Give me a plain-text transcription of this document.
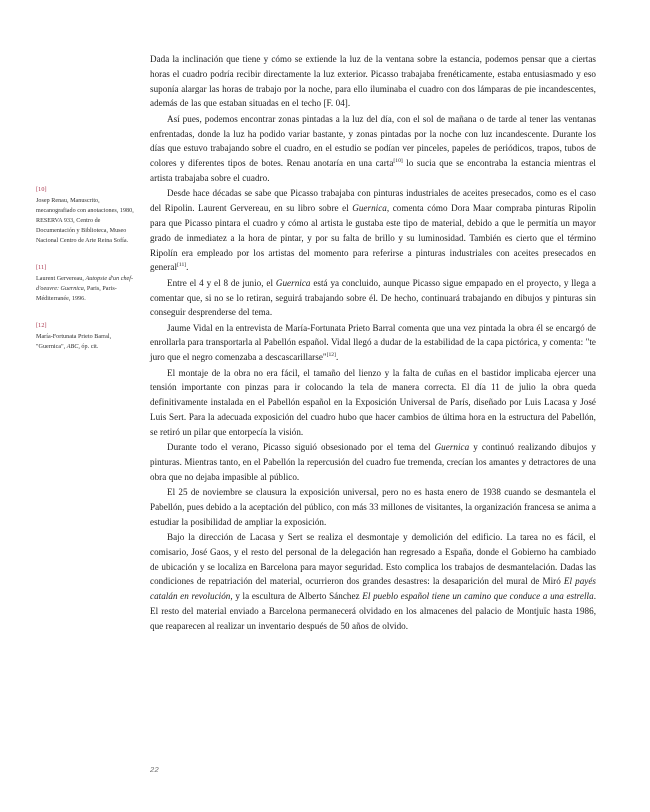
[10]
Josep Renau, Manuscrito, mecanografiado con anotaciones, 1980, RESERVA 933, Centro de Documentación y Biblioteca, Museo Nacional Centro de Arte Reina Sofía.
[11]
Laurent Gervereau, Autopsie d'un chef-d'oeuvre: Guernica, Paris, Paris-Méditerranée, 1996.
[12]
María-Fortunata Prieto Barral, "Guernica", ABC, óp. cit.

Dada la inclinación que tiene y cómo se extiende la luz de la ventana sobre la estancia, podemos pensar que a ciertas horas el cuadro podría recibir directamente la luz exterior. Picasso trabajaba frenéticamente, estaba entusiasmado y eso suponía alargar las horas de trabajo por la noche, para ello iluminaba el cuadro con dos lámparas de pie incandescentes, además de las que estaban situadas en el techo [F. 04].

Así pues, podemos encontrar zonas pintadas a la luz del día, con el sol de mañana o de tarde al tener las ventanas enfrentadas, donde la luz ha podido variar bastante, y zonas pintadas por la noche con luz incandescente. Durante los días que estuvo trabajando sobre el cuadro, en el estudio se podían ver pinceles, papeles de periódicos, trapos, tubos de colores y diferentes tipos de botes. Renau anotaría en una carta[10] lo sucia que se encontraba la estancia mientras el artista trabajaba sobre el cuadro.

Desde hace décadas se sabe que Picasso trabajaba con pinturas industriales de aceites presecados, como es el caso del Ripolin. Laurent Gervereau, en su libro sobre el Guernica, comenta cómo Dora Maar compraba pinturas Ripolin para que Picasso pintara el cuadro y cómo al artista le gustaba este tipo de material, debido a que le permitía un mayor grado de inmediatez a la hora de pintar, y por su falta de brillo y su luminosidad. También es cierto que el término Ripolín era empleado por los artistas del momento para referirse a pinturas industriales con aceites presecados en general[11].

Entre el 4 y el 8 de junio, el Guernica está ya concluido, aunque Picasso sigue empapado en el proyecto, y llega a comentar que, si no se lo retiran, seguirá trabajando sobre él. De hecho, continuará trabajando en dibujos y pinturas sin conseguir desprenderse del tema.

Jaume Vidal en la entrevista de María-Fortunata Prieto Barral comenta que una vez pintada la obra él se encargó de enrollarla para transportarla al Pabellón español. Vidal llegó a dudar de la estabilidad de la capa pictórica, y comenta: "te juro que el negro comenzaba a descascarillarse"[12].

El montaje de la obra no era fácil, el tamaño del lienzo y la falta de cuñas en el bastidor implicaba ejercer una tensión importante con pinzas para ir colocando la tela de manera correcta. El día 11 de julio la obra queda definitivamente instalada en el Pabellón español en la Exposición Universal de París, diseñado por Luis Lacasa y José Luis Sert. Para la adecuada exposición del cuadro hubo que hacer cambios de última hora en la estructura del Pabellón, se retiró un pilar que entorpecía la visión.

Durante todo el verano, Picasso siguió obsesionado por el tema del Guernica y continuó realizando dibujos y pinturas. Mientras tanto, en el Pabellón la repercusión del cuadro fue tremenda, crecían los amantes y detractores de una obra que no dejaba impasible al público.

El 25 de noviembre se clausura la exposición universal, pero no es hasta enero de 1938 cuando se desmantela el Pabellón, pues debido a la aceptación del público, con más 33 millones de visitantes, la organización francesa se anima a estudiar la posibilidad de ampliar la exposición.

Bajo la dirección de Lacasa y Sert se realiza el desmontaje y demolición del edificio. La tarea no es fácil, el comisario, José Gaos, y el resto del personal de la delegación han regresado a España, donde el Gobierno ha cambiado de ubicación y se localiza en Barcelona para mayor seguridad. Esto complica los trabajos de desmantelación. Dadas las condiciones de repatriación del material, ocurrieron dos grandes desastres: la desaparición del mural de Miró El payés catalán en revolución, y la escultura de Alberto Sánchez El pueblo español tiene un camino que conduce a una estrella. El resto del material enviado a Barcelona permanecerá olvidado en los almacenes del palacio de Montjuïc hasta 1986, que reaparecen al realizar un inventario después de 50 años de olvido.

22
